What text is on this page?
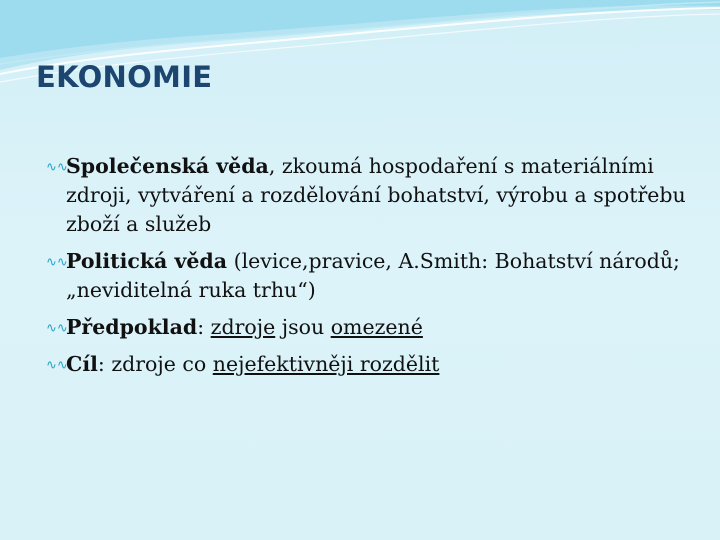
EKONOMIE
∿∿
Společenská věda, zkoumá hospodaření s materiálními zdroji, vytváření a rozdělování bohatství, výrobu a spotřebu zboží a služeb
∿∿
Politická věda (levice,pravice, A.Smith: Bohatství národů; „neviditelná ruka trhu“)
∿∿
Předpoklad: zdroje jsou omezené
∿∿
Cíl: zdroje co nejefektivněji rozdělit
